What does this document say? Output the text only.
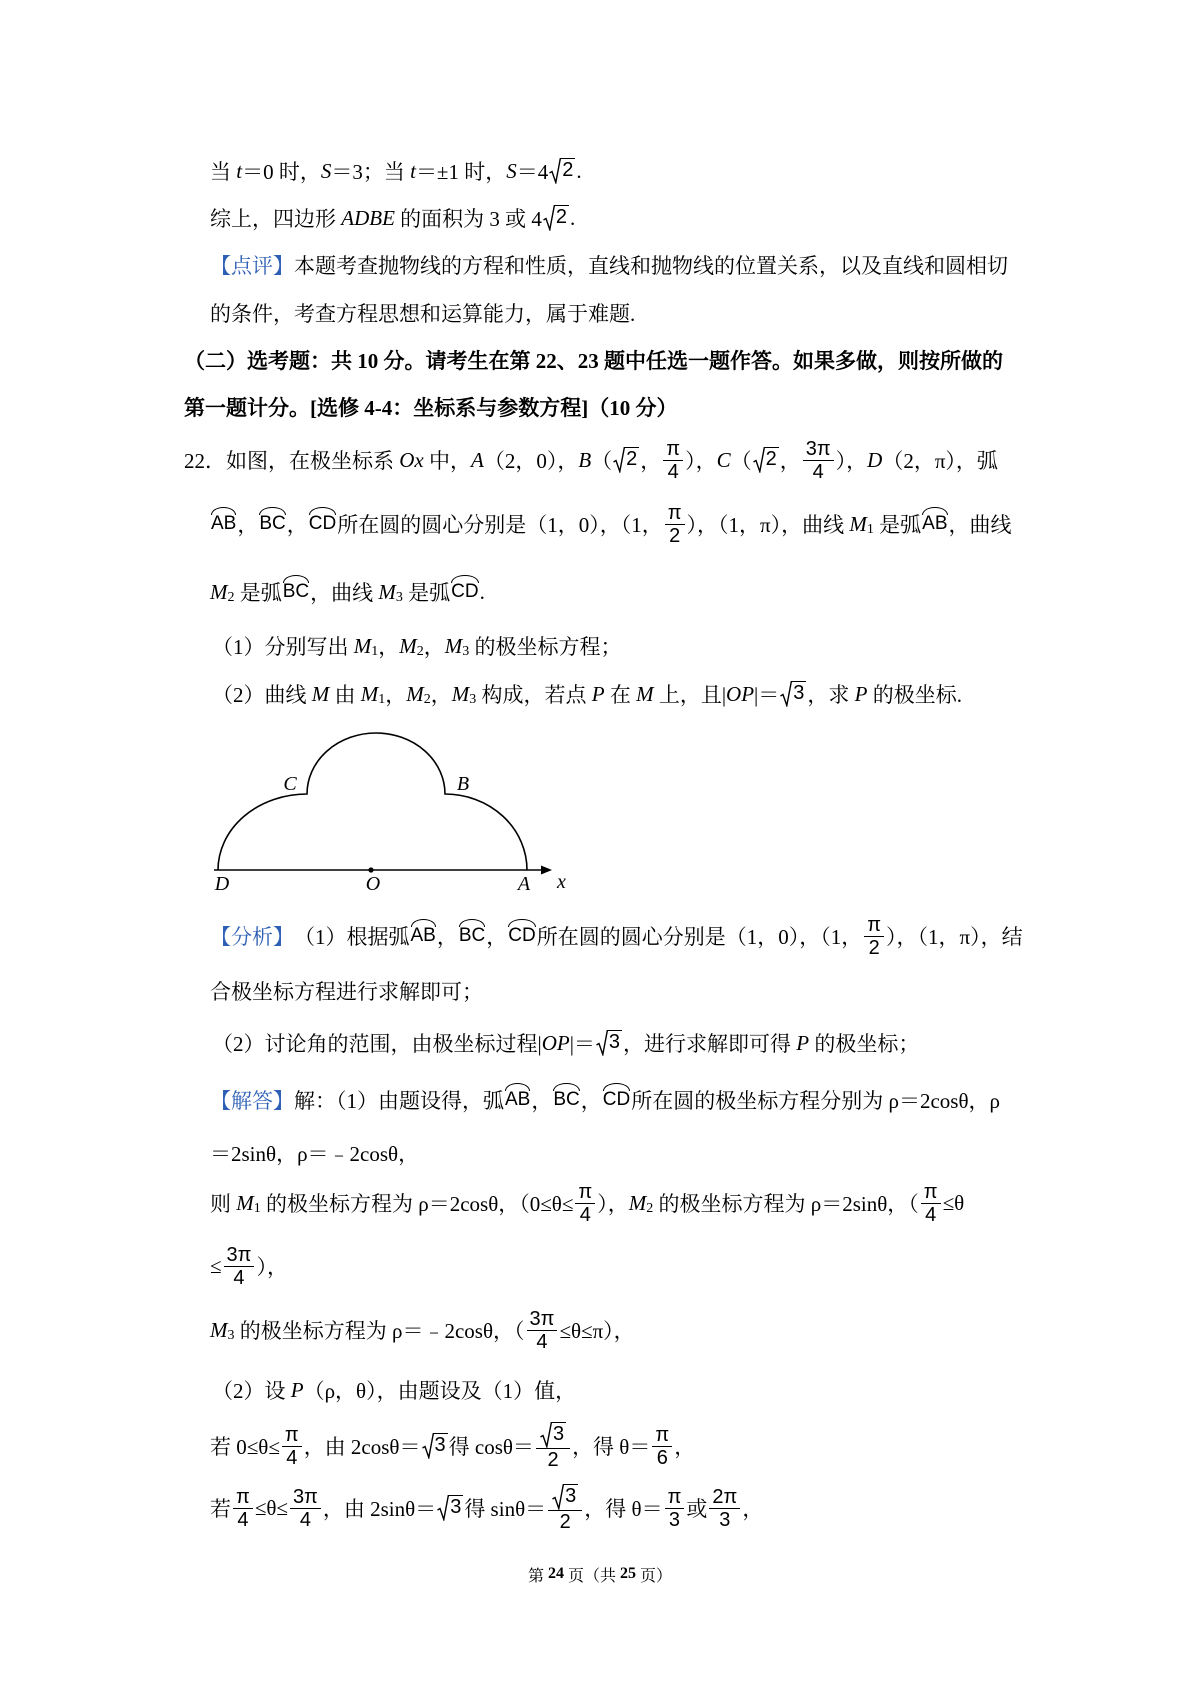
当 t ＝0 时， S ＝3；当 t ＝±1 时， S ＝4 2 .
综上，四边形 ADBE 的面积为 3 或 4 2 .
【点评】 本题考查抛物线的方程和性质，直线和抛物线的位置关系，以及直线和圆相切
的条件，考查方程思想和运算能力，属于难题.
（二）选考题：共 10 分。请考生在第 22、23 题中任选一题作答。如果多做，则按所做的
第一题计分。[选修 4-4：坐标系与参数方程]（10 分）
22．如图，在极坐标系 Ox 中， A （2，0）， B （ 2 ， $\frac{\pi}{4}$ ）， C （ 2 ， $\frac{3\pi}{4}$ ）， D （2，π），弧
AB ， BC ， CD 所在圆的圆心分别是（1，0），（1， $\frac{\pi}{2}$ ），（1，π），曲线 M 1 是弧 AB ，曲线
M 2 是弧 BC ，曲线 M 3 是弧 CD .
（1）分别写出 M 1 ， M 2 ， M 3 的极坐标方程；
（2）曲线 M 由 M 1 ， M 2 ， M 3 构成，若点 P 在 M 上，且| OP |＝ 3 ，求 P 的极坐标.
C	B
D	O	A x
【分析】 （1）根据弧 AB ， BC ， CD 所在圆的圆心分别是（1，0），（1， $\frac{\pi}{2}$ ），（1，π），结
合极坐标方程进行求解即可；
（2）讨论角的范围，由极坐标过程| OP |＝ 3 ，进行求解即可得 P 的极坐标；
【解答】 解：（1）由题设得，弧 AB ， BC ， CD 所在圆的极坐标方程分别为 ρ＝2cosθ，ρ
＝2sinθ，ρ＝﹣2cosθ，
则 M 1 的极坐标方程为 ρ＝2cosθ，（$0\le\theta\le \frac{\pi}{4}$ ）， M 2 的极坐标方程为 ρ＝2sinθ，（ $\frac{\pi}{4} \le\theta$
≤ $\frac{3\pi}{4}$ ），
M 3 的极坐标方程为 ρ＝﹣2cosθ，（ $\frac{3\pi}{4} \le\theta\le\pi$），
（2）设 P （ρ，θ），由题设及（1）值，
若 $0\le\theta\le \frac{\pi}{4}$ ，由 2cosθ＝ 3 得 $\cos\theta= \frac{3}{2}$ ，得 $\theta= \frac{\pi}{6}$ ，
若 $\frac{\pi}{4} \le\theta\le \frac{3\pi}{4}$ ，由 2sinθ＝ 3 得 $\sin\theta= \frac{3}{2}$ ，得 $\theta= \frac{\pi}{3}$ 或 $\frac{2\pi}{3}$ ，
第 24 页（共 25 页）
